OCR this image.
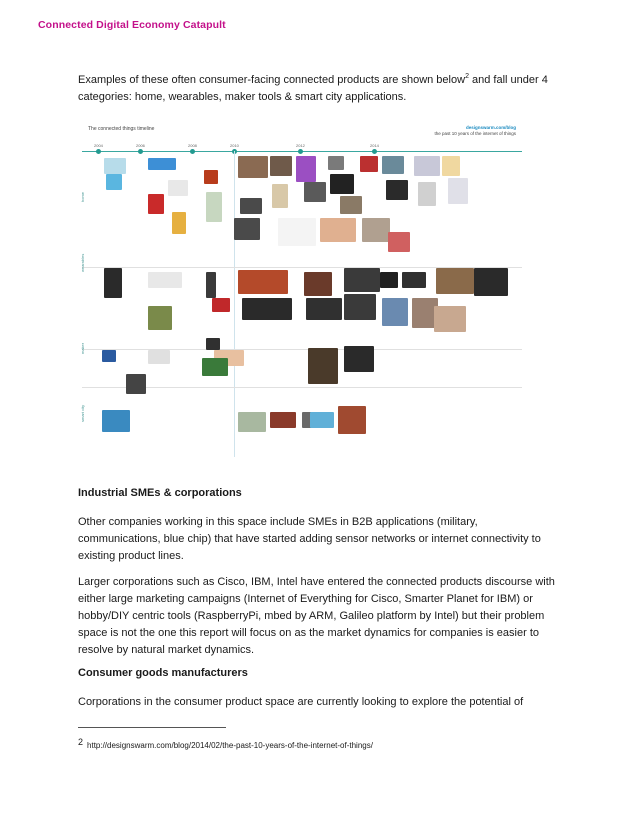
Connected Digital Economy Catapult
Examples of these often consumer-facing connected products are shown below$^2$ and fall under 4 categories: home, wearables, maker tools & smart city applications.
The connected things timeline	designswarm.com/blog
the past 10 years of the internet of things
2004	2006	2008	2010	2012	2014
home
wearables
maker
smart city
Industrial SMEs & corporations
Other companies working in this space include SMEs in B2B applications (military, communications, blue chip) that have started adding sensor networks or internet connectivity to existing product lines.
Larger corporations such as Cisco, IBM, Intel have entered the connected products discourse with either large marketing campaigns (Internet of Everything for Cisco, Smarter Planet for IBM) or hobby/DIY centric tools (RaspberryPi, mbed by ARM, Galileo platform by Intel) but their problem space is not the one this report will focus on as the market dynamics for companies is easier to resolve by natural market dynamics.
Consumer goods manufacturers
Corporations in the consumer product space are currently looking to explore the potential of
2 http://designswarm.com/blog/2014/02/the-past-10-years-of-the-internet-of-things/
